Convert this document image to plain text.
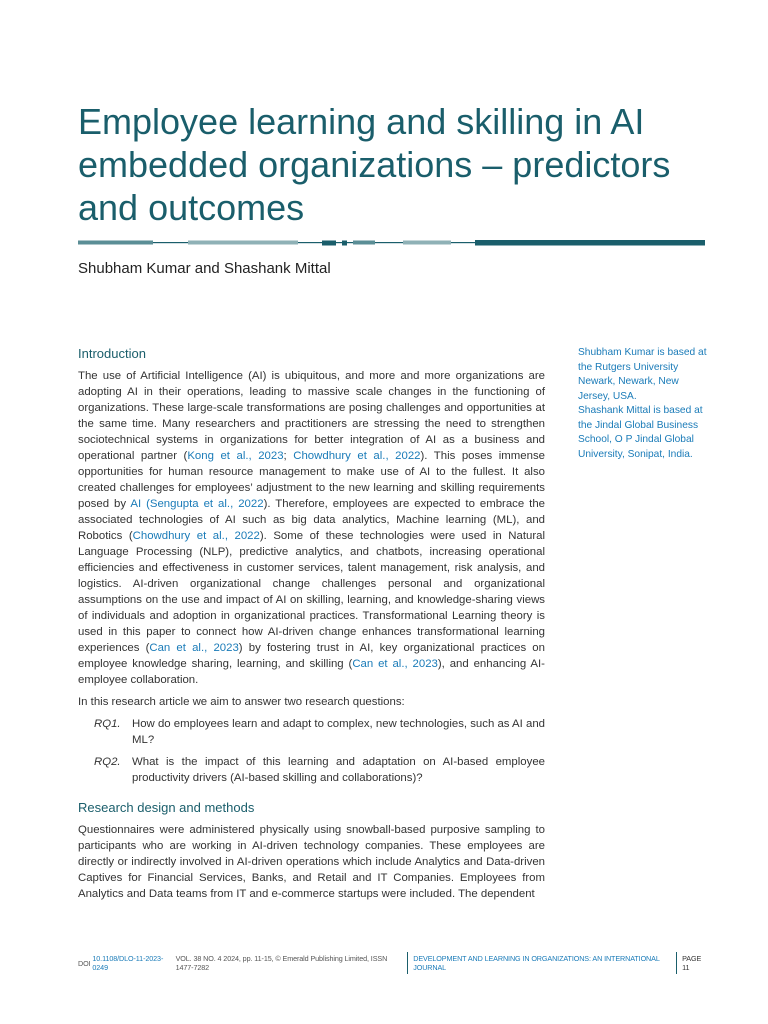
Employee learning and skilling in AI embedded organizations – predictors and outcomes
Shubham Kumar and Shashank Mittal
Introduction

The use of Artificial Intelligence (AI) is ubiquitous, and more and more organizations are adopting AI in their operations, leading to massive scale changes in the functioning of organizations. These large-scale transformations are posing challenges and opportunities at the same time. Many researchers and practitioners are stressing the need to strengthen sociotechnical systems in organizations for better integration of AI as a business and operational partner (Kong et al., 2023; Chowdhury et al., 2022). This poses immense opportunities for human resource management to make use of AI to the fullest. It also created challenges for employees’ adjustment to the new learning and skilling requirements posed by AI (Sengupta et al., 2022). Therefore, employees are expected to embrace the associated technologies of AI such as big data analytics, Machine learning (ML), and Robotics (Chowdhury et al., 2022). Some of these technologies were used in Natural Language Processing (NLP), predictive analytics, and chatbots, increasing operational efficiencies and effectiveness in customer services, talent management, risk analysis, and logistics. AI-driven organizational change challenges personal and organizational assumptions on the use and impact of AI on skilling, learning, and knowledge-sharing views of individuals and adoption in organizational practices. Transformational Learning theory is used in this paper to connect how AI-driven change enhances transformational learning experiences (Can et al., 2023) by fostering trust in AI, key organizational practices on employee knowledge sharing, learning, and skilling (Can et al., 2023), and enhancing AI-employee collaboration.

In this research article we aim to answer two research questions:

RQ1.	How do employees learn and adapt to complex, new technologies, such as AI and ML?
RQ2.	What is the impact of this learning and adaptation on AI-based employee productivity drivers (AI-based skilling and collaborations)?
Research design and methods

Questionnaires were administered physically using snowball-based purposive sampling to participants who are working in AI-driven technology companies. These employees are directly or indirectly involved in AI-driven operations which include Analytics and Data-driven Captives for Financial Services, Banks, and Retail and IT Companies. Employees from Analytics and Data teams from IT and e-commerce startups were included. The dependent

Shubham Kumar is based at the Rutgers University Newark, Newark, New Jersey, USA.

Shashank Mittal is based at the Jindal Global Business School, O P Jindal Global University, Sonipat, India.

DOI
10.1108/DLO-11-2023-0249

VOL. 38 NO. 4 2024, pp. 11-15, © Emerald Publishing Limited, ISSN 1477-7282
DEVELOPMENT AND LEARNING IN ORGANIZATIONS: AN INTERNATIONAL JOURNAL
PAGE 11
